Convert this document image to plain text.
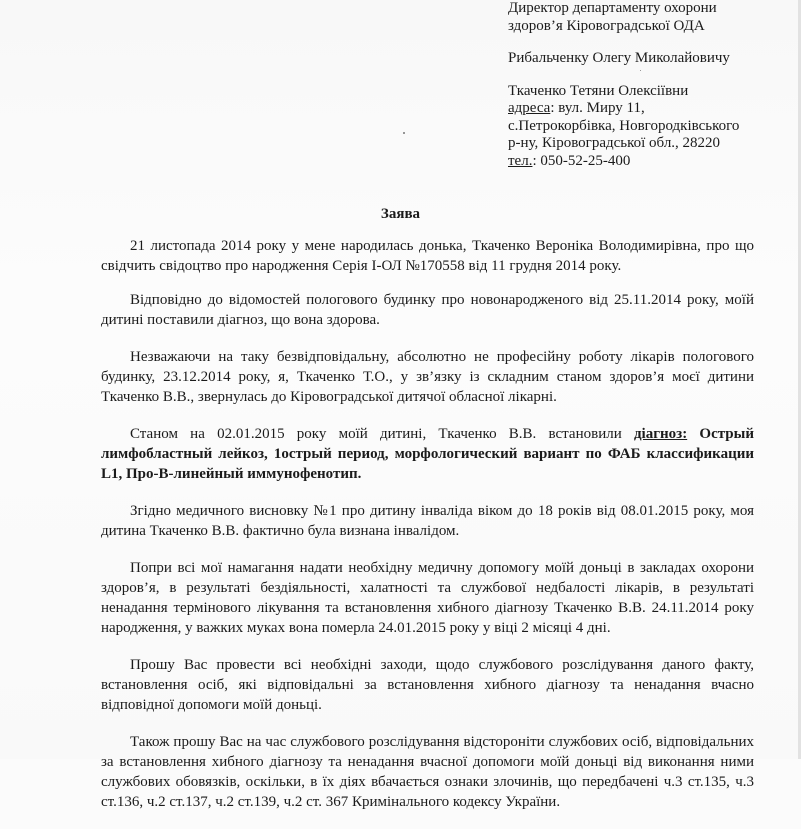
Директор департаменту охорони
здоров’я Кіровоградської ОДА
Рибальченку Олегу Миколайовичу
Ткаченко Тетяни Олексіївни
адреса: вул. Миру 11,
с.Петрокорбівка, Новгородківського
р-ну, Кіровоградської обл., 28220
тел.: 050-52-25-400
Заява

21 листопада 2014 року у мене народилась донька, Ткаченко Вероніка Володимирівна, про що свідчить свідоцтво про народження Серія І-ОЛ №170558 від 11 грудня 2014 року.

Відповідно до відомостей пологового будинку про новонародженого від 25.11.2014 року, моїй дитині поставили діагноз, що вона здорова.

Незважаючи на таку безвідповідальну, абсолютно не професійну роботу лікарів пологового будинку, 23.12.2014 року, я, Ткаченко Т.О., у зв’язку із складним станом здоров’я моєї дитини Ткаченко В.В., звернулась до Кіровоградської дитячої обласної лікарні.

Станом на 02.01.2015 року моїй дитині, Ткаченко В.В. встановили діагноз: Острый лимфобластный лейкоз, 1острый период, морфологический вариант по ФАБ классификации L1, Про-В-линейный иммунофенотип.

Згідно медичного висновку №1 про дитину інваліда віком до 18 років від 08.01.2015 року, моя дитина Ткаченко В.В. фактично була визнана інвалідом.

Попри всі мої намагання надати необхідну медичну допомогу моїй доньці в закладах охорони здоров’я, в результаті бездіяльності, халатності та службової недбалості лікарів, в результаті ненадання термінового лікування та встановлення хибного діагнозу Ткаченко В.В. 24.11.2014 року народження, у важких муках вона померла 24.01.2015 року у віці 2 місяці 4 дні.

Прошу Вас провести всі необхідні заходи, щодо службового розслідування даного факту, встановлення осіб, які відповідальні за встановлення хибного діагнозу та ненадання вчасно відповідної допомоги моїй доньці.

Також прошу Вас на час службового розслідування відстороніти службових осіб, відповідальних за встановлення хибного діагнозу та ненадання вчасної допомоги моїй доньці від виконання ними службових обовязків, оскільки, в їх діях вбачається ознаки злочинів, що передбачені ч.3 ст.135, ч.3 ст.136, ч.2 ст.137, ч.2 ст.139, ч.2 ст. 367 Кримінального кодексу України.
